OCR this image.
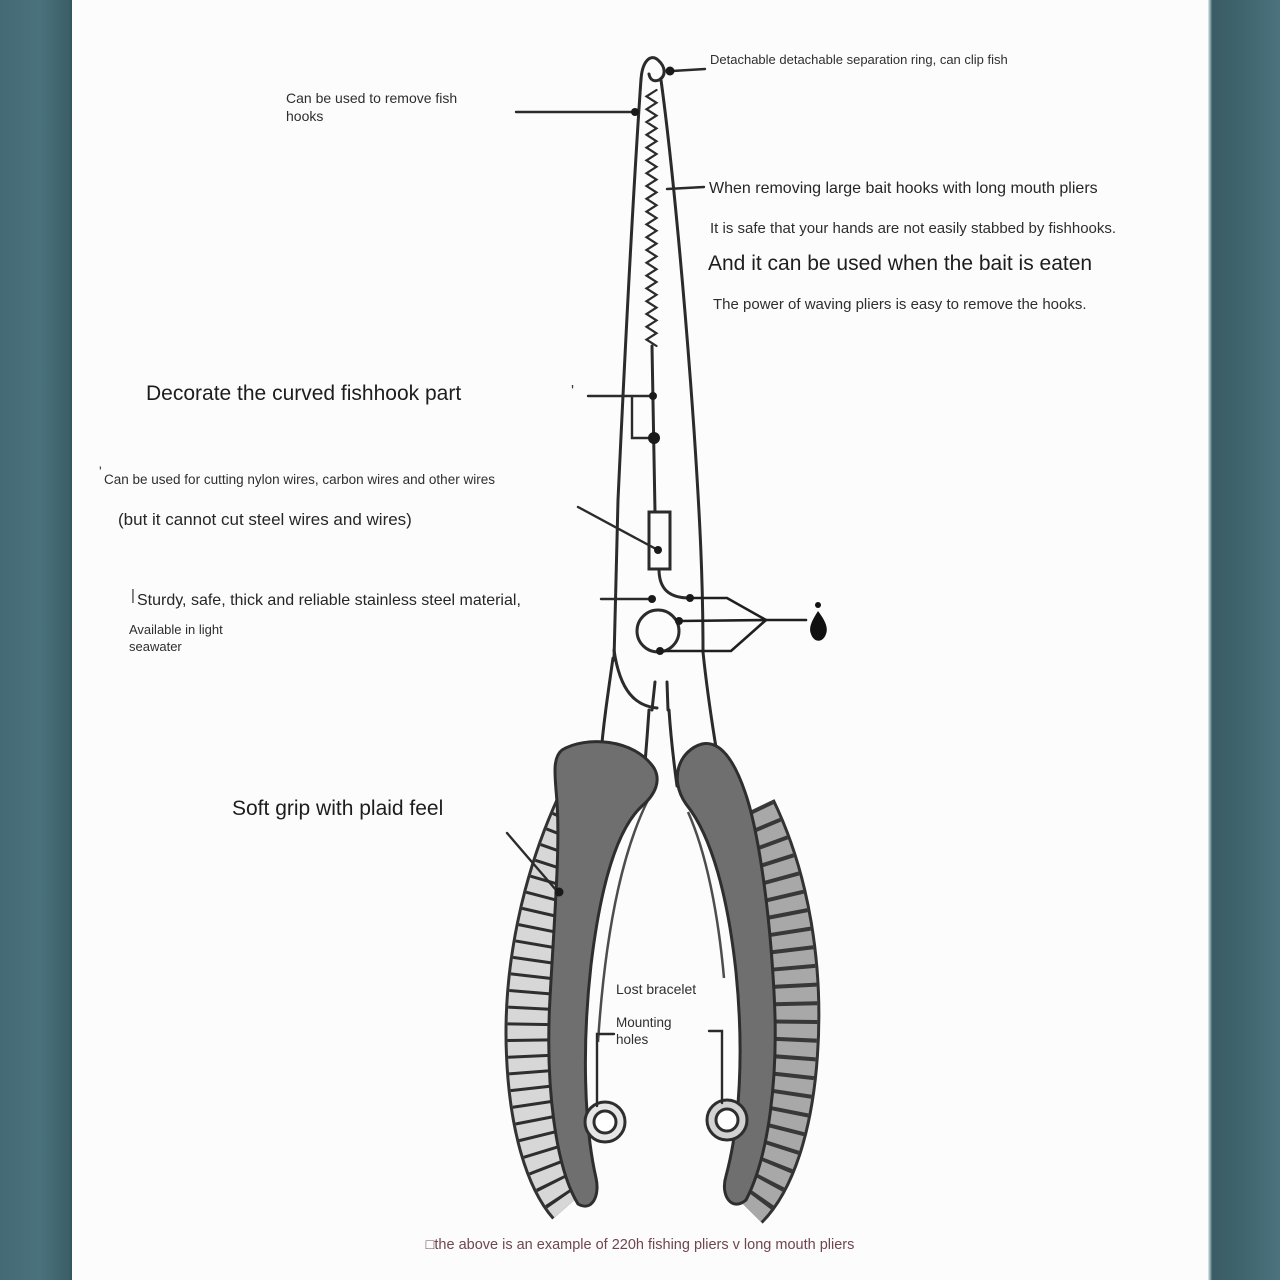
Detachable detachable separation ring, can clip fish
Can be used to remove fish hooks
When removing large bait hooks with long mouth pliers
It is safe that your hands are not easily stabbed by fishhooks.
And it can be used when the bait is eaten
The power of waving pliers is easy to remove the hooks.
Decorate the curved fishhook part	'
'
Can be used for cutting nylon wires, carbon wires and other wires
(but it cannot cut steel wires and wires)
| Sturdy, safe, thick and reliable stainless steel material,
Available in light seawater
Soft grip with plaid feel
Lost bracelet
Mounting holes
□the above is an example of 220h fishing pliers v long mouth pliers
